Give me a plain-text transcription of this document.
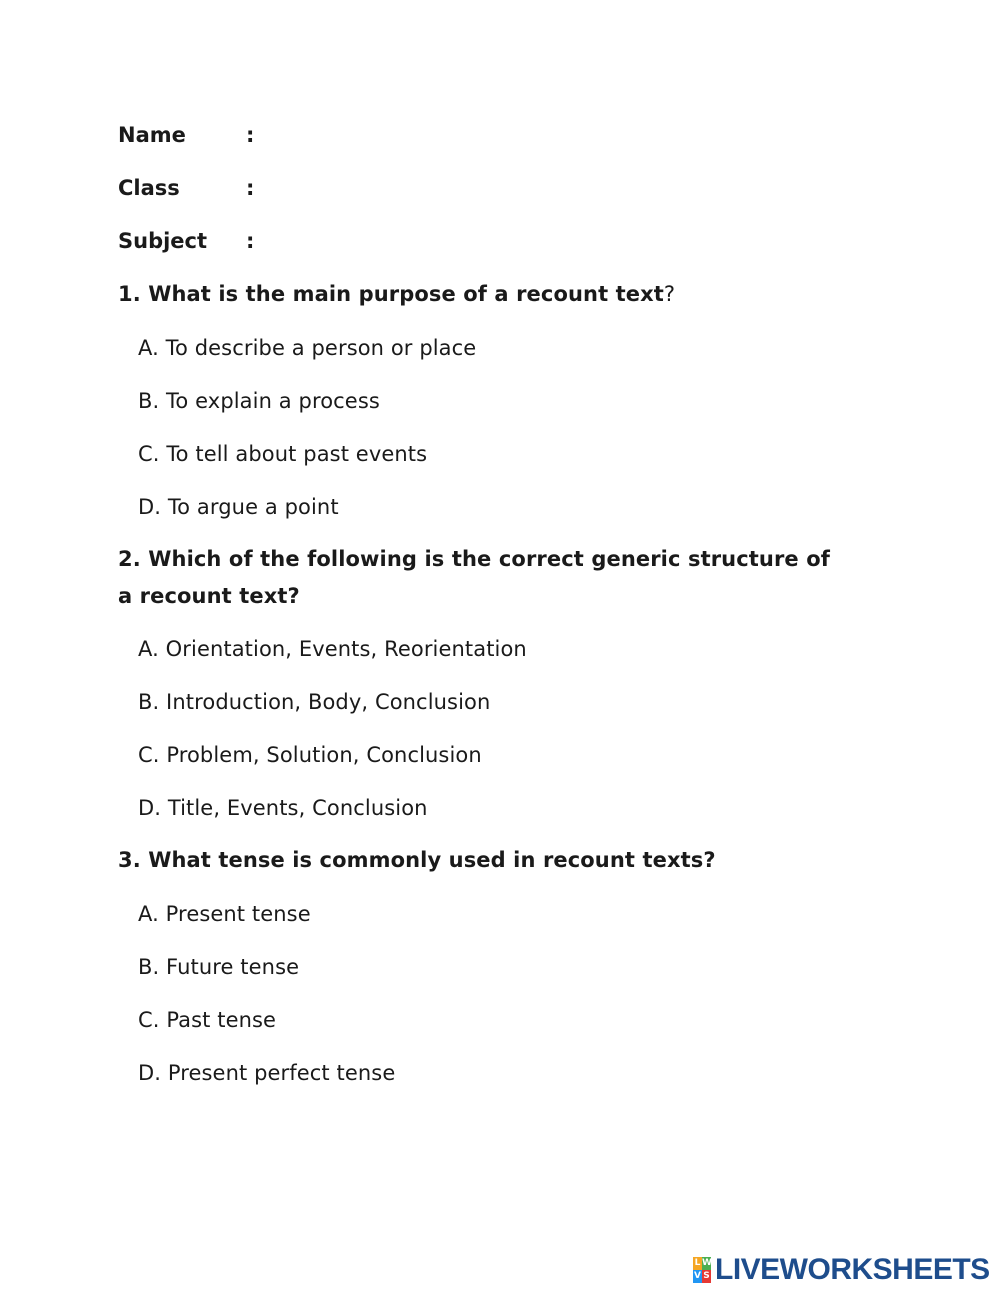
Name	:
Class	:
Subject :
1. What is the main purpose of a recount text?
A. To describe a person or place
B. To explain a process
C. To tell about past events
D. To argue a point
2. Which of the following is the correct generic structure of a recount text?
A. Orientation, Events, Reorientation
B. Introduction, Body, Conclusion
C. Problem, Solution, Conclusion
D. Title, Events, Conclusion
3. What tense is commonly used in recount texts?
A. Present tense
B. Future tense
C. Past tense
D. Present perfect tense
L W
V S LIVEWORKSHEETS
